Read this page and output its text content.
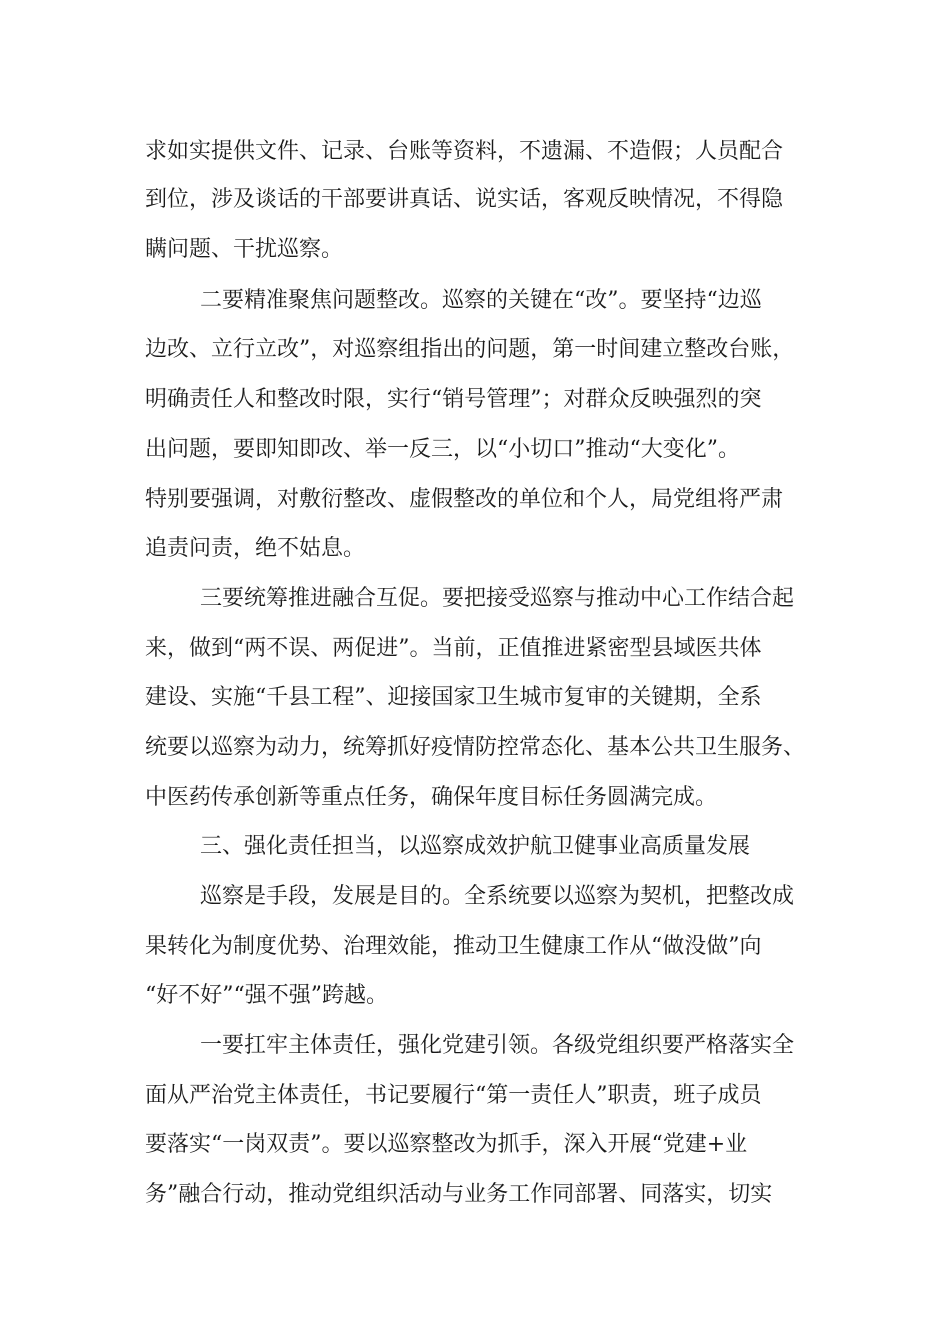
求如实提供文件、记录、台账等资料，不遗漏、不造假；人员配合
到位，涉及谈话的干部要讲真话、说实话，客观反映情况，不得隐
瞒问题、干扰巡察。
二要精准聚焦问题整改。巡察的关键在“改”。要坚持“边巡
边改、立行立改”，对巡察组指出的问题，第一时间建立整改台账，
明确责任人和整改时限，实行“销号管理”；对群众反映强烈的突
出问题，要即知即改、举一反三，以“小切口”推动“大变化”。
特别要强调，对敷衍整改、虚假整改的单位和个人，局党组将严肃
追责问责，绝不姑息。
三要统筹推进融合互促。要把接受巡察与推动中心工作结合起
来，做到“两不误、两促进”。当前，正值推进紧密型县域医共体
建设、实施“千县工程”、迎接国家卫生城市复审的关键期，全系
统要以巡察为动力，统筹抓好疫情防控常态化、基本公共卫生服务、
中医药传承创新等重点任务，确保年度目标任务圆满完成。
三、强化责任担当，以巡察成效护航卫健事业高质量发展
巡察是手段，发展是目的。全系统要以巡察为契机，把整改成
果转化为制度优势、治理效能，推动卫生健康工作从“做没做”向
“好不好”“强不强”跨越。
一要扛牢主体责任，强化党建引领。各级党组织要严格落实全
面从严治党主体责任，书记要履行“第一责任人”职责，班子成员
要落实“一岗双责”。要以巡察整改为抓手，深入开展“党建+业
务”融合行动，推动党组织活动与业务工作同部署、同落实，切实
